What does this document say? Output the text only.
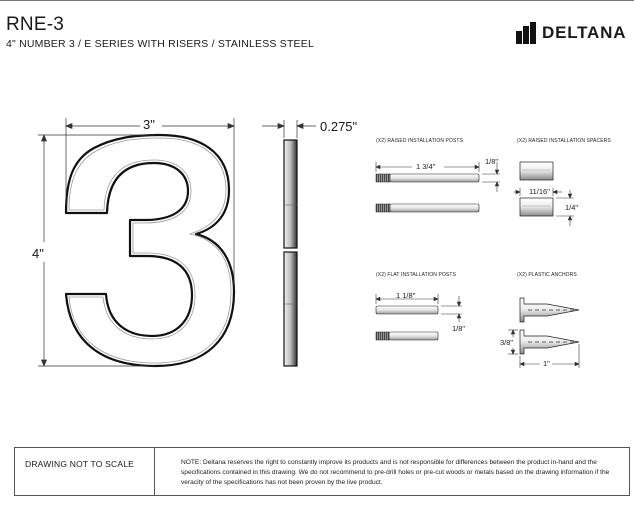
RNE-3
4" NUMBER 3 / E SERIES WITH RISERS / STAINLESS STEEL
DELTANA
3"
4"
0.275"
(X2) RAISED INSTALLATION POSTS	(X2) RAISED INSTALLATION SPACERS
(X2) FLAT INSTALLATION POSTS	(X2) PLASTIC ANCHORS
1 3/4"
1/8"
11/16"
1/4"
1 1/8"
1/8"
3/8"
1"
DRAWING NOT TO SCALE	NOTE: Deltana reserves the right to constantly improve its products and is not responsible for differences between the product in-hand and the specifications contained in this drawing. We do not recommend to pre-drill holes or pre-cut woods or metals based on the drawing information if the veracity of the specifications has not been proven by the live product.
